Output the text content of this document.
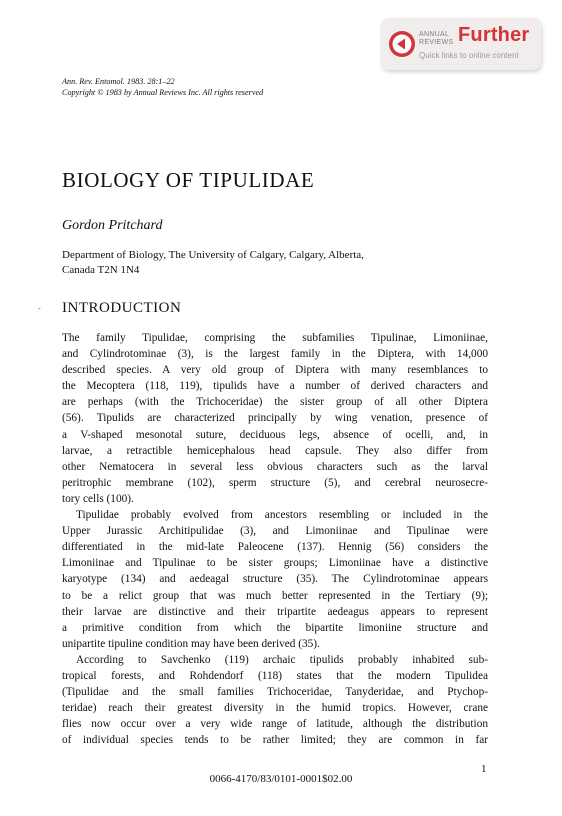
ANNUAL
REVIEWS Further
Quick links to online content
Ann. Rev. Entomol. 1983. 28:1–22
Copyright © 1983 by Annual Reviews Inc. All rights reserved
BIOLOGY OF TIPULIDAE
Gordon Pritchard
Department of Biology, The University of Calgary, Calgary, Alberta,
Canada T2N 1N4
- INTRODUCTION
The family Tipulidae, comprising the subfamilies Tipulinae, Limoniinae,
and Cylindrotominae (3), is the largest family in the Diptera, with 14,000
described species. A very old group of Diptera with many resemblances to
the Mecoptera (118, 119), tipulids have a number of derived characters and
are perhaps (with the Trichoceridae) the sister group of all other Diptera
(56). Tipulids are characterized principally by wing venation, presence of
a V-shaped mesonotal suture, deciduous legs, absence of ocelli, and, in
larvae, a retractible hemicephalous head capsule. They also differ from
other Nematocera in several less obvious characters such as the larval
peritrophic membrane (102), sperm structure (5), and cerebral neurosecre-
tory cells (100).
Tipulidae probably evolved from ancestors resembling or included in the
Upper Jurassic Architipulidae (3), and Limoniinae and Tipulinae were
differentiated in the mid-late Paleocene (137). Hennig (56) considers the
Limoniinae and Tipulinae to be sister groups; Limoniinae have a distinctive
karyotype (134) and aedeagal structure (35). The Cylindrotominae appears
to be a relict group that was much better represented in the Tertiary (9);
their larvae are distinctive and their tripartite aedeagus appears to represent
a primitive condition from which the bipartite limoniine structure and
unipartite tipuline condition may have been derived (35).
According to Savchenko (119) archaic tipulids probably inhabited sub-
tropical forests, and Rohdendorf (118) states that the modern Tipulidea
(Tipulidae and the small families Trichoceridae, Tanyderidae, and Ptychop-
teridae) reach their greatest diversity in the humid tropics. However, crane
flies now occur over a very wide range of latitude, although the distribution
of individual species tends to be rather limited; they are common in far
1
0066-4170/83/0101-0001$02.00
